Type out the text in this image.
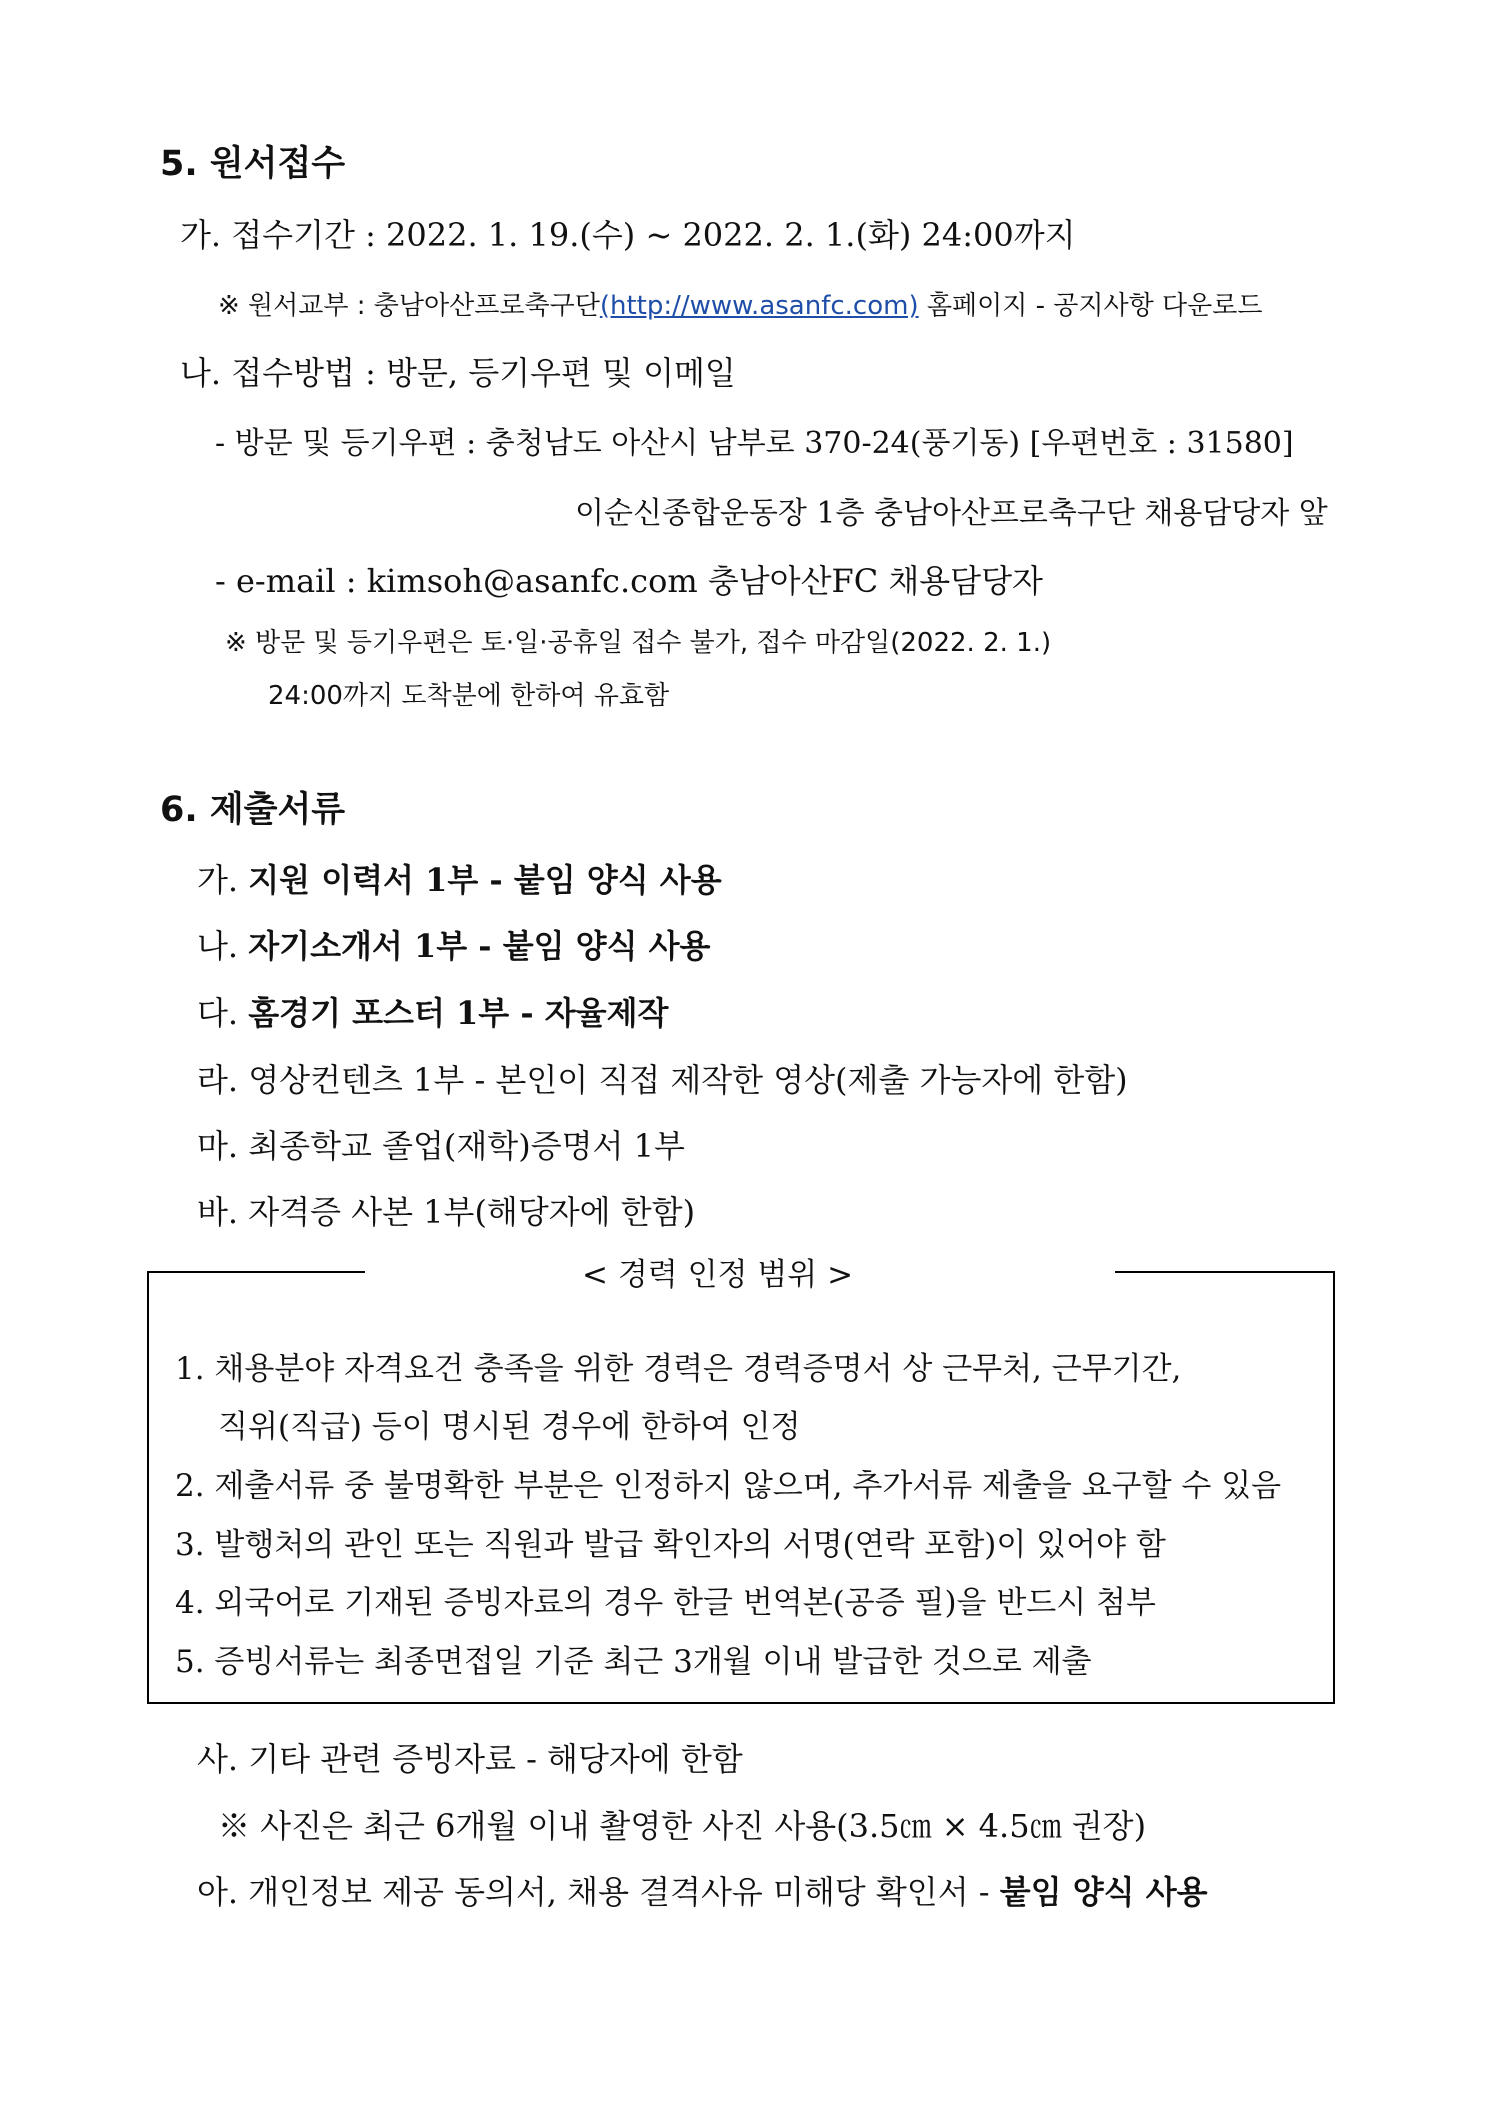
5. 원서접수
가. 접수기간 : 2022. 1. 19.(수) ~ 2022. 2. 1.(화) 24:00까지
※ 원서교부 : 충남아산프로축구단(http://www.asanfc.com) 홈페이지 - 공지사항 다운로드
나. 접수방법 : 방문, 등기우편 및 이메일
- 방문 및 등기우편 : 충청남도 아산시 남부로 370-24(풍기동) [우편번호 : 31580]
이순신종합운동장 1층 충남아산프로축구단 채용담당자 앞
- e-mail : kimsoh@asanfc.com 충남아산FC 채용담당자
※ 방문 및 등기우편은 토·일·공휴일 접수 불가, 접수 마감일(2022. 2. 1.)
24:00까지 도착분에 한하여 유효함
6. 제출서류
가. 지원 이력서 1부 - 붙임 양식 사용
나. 자기소개서 1부 - 붙임 양식 사용
다. 홈경기 포스터 1부 - 자율제작
라. 영상컨텐츠 1부 - 본인이 직접 제작한 영상(제출 가능자에 한함)
마. 최종학교 졸업(재학)증명서 1부
바. 자격증 사본 1부(해당자에 한함)
< 경력 인정 범위 >
1. 채용분야 자격요건 충족을 위한 경력은 경력증명서 상 근무처, 근무기간,
직위(직급) 등이 명시된 경우에 한하여 인정
2. 제출서류 중 불명확한 부분은 인정하지 않으며, 추가서류 제출을 요구할 수 있음
3. 발행처의 관인 또는 직원과 발급 확인자의 서명(연락 포함)이 있어야 함
4. 외국어로 기재된 증빙자료의 경우 한글 번역본(공증 필)을 반드시 첨부
5. 증빙서류는 최종면접일 기준 최근 3개월 이내 발급한 것으로 제출
사. 기타 관련 증빙자료 - 해당자에 한함
※ 사진은 최근 6개월 이내 촬영한 사진 사용(3.5㎝ × 4.5㎝ 권장)
아. 개인정보 제공 동의서, 채용 결격사유 미해당 확인서 - 붙임 양식 사용
